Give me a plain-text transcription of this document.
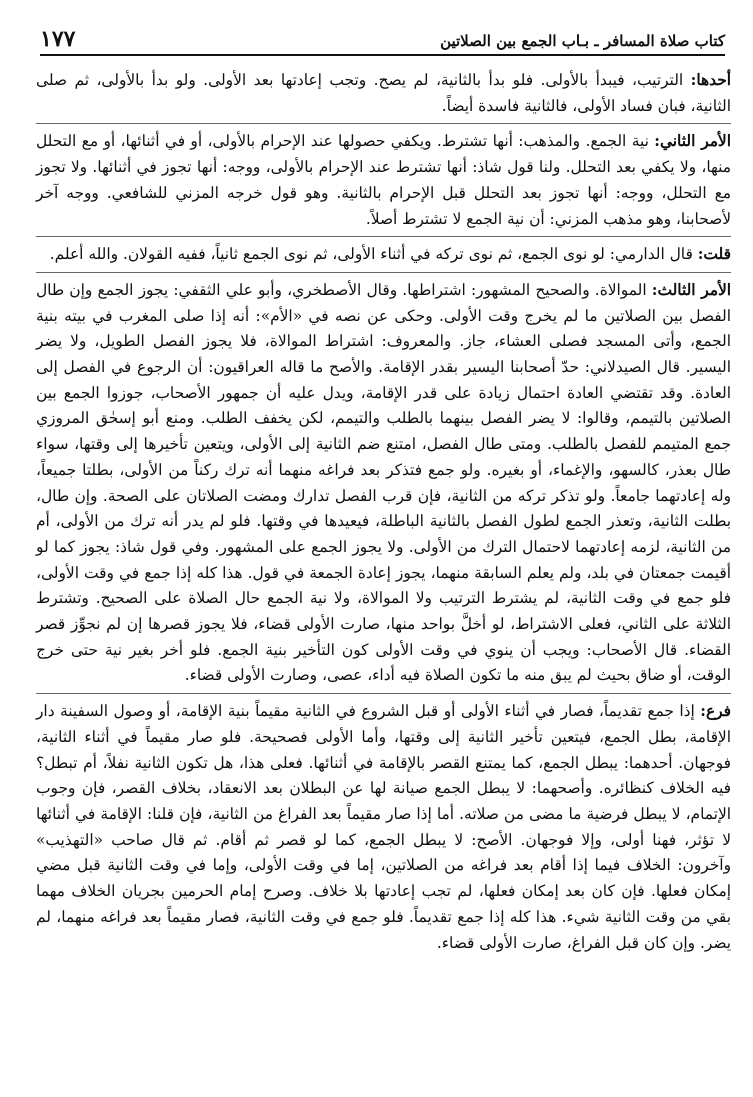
كتاب صلاة المسافر ـ بـاب الجمع بين الصلاتين
١٧٧

أحدها: الترتيب، فيبدأ بالأولى. فلو بدأ بالثانية، لم يصح. وتجب إعادتها بعد الأولى. ولو بدأ بالأولى، ثم صلى الثانية، فبان فساد الأولى، فالثانية فاسدة أيضاً.

الأمر الثاني: نية الجمع. والمذهب: أنها تشترط. ويكفي حصولها عند الإحرام بالأولى، أو في أثنائها، أو مع التحلل منها، ولا يكفي بعد التحلل. ولنا قول شاذ: أنها تشترط عند الإحرام بالأولى، ووجه: أنها تجوز في أثنائها. ولا تجوز مع التحلل، ووجه: أنها تجوز بعد التحلل قبل الإحرام بالثانية. وهو قول خرجه المزني للشافعي. ووجه آخر لأصحابنا، وهو مذهب المزني: أن نية الجمع لا تشترط أصلاً.

قلت: قال الدارمي: لو نوى الجمع، ثم نوى تركه في أثناء الأولى، ثم نوى الجمع ثانياً، ففيه القولان. والله أعلم.

الأمر الثالث: الموالاة. والصحيح المشهور: اشتراطها. وقال الأصطخري، وأبو علي الثقفي: يجوز الجمع وإن طال الفصل بين الصلاتين ما لم يخرج وقت الأولى. وحكى عن نصه في «الأم»: أنه إذا صلى المغرب في بيته بنية الجمع، وأتى المسجد فصلى العشاء، جاز. والمعروف: اشتراط الموالاة، فلا يجوز الفصل الطويل، ولا يضر اليسير. قال الصيدلاني: حدّ أصحابنا اليسير بقدر الإقامة. والأصح ما قاله العراقيون: أن الرجوع في الفصل إلى العادة. وقد تقتضي العادة احتمال زيادة على قدر الإقامة، ويدل عليه أن جمهور الأصحاب، جوزوا الجمع بين الصلاتين بالتيمم، وقالوا: لا يضر الفصل بينهما بالطلب والتيمم، لكن يخفف الطلب. ومنع أبو إسحٰق المروزي جمع المتيمم للفصل بالطلب. ومتى طال الفصل، امتنع ضم الثانية إلى الأولى، ويتعين تأخيرها إلى وقتها، سواء طال بعذر، كالسهو، والإغماء، أو بغيره. ولو جمع فتذكر بعد فراغه منهما أنه ترك ركناً من الأولى، بطلتا جميعاً، وله إعادتهما جامعاً. ولو تذكر تركه من الثانية، فإن قرب الفصل تدارك ومضت الصلاتان على الصحة. وإن طال، بطلت الثانية، وتعذر الجمع لطول الفصل بالثانية الباطلة، فيعيدها في وقتها. فلو لم يدر أنه ترك من الأولى، أم من الثانية، لزمه إعادتهما لاحتمال الترك من الأولى. ولا يجوز الجمع على المشهور. وفي قول شاذ: يجوز كما لو أقيمت جمعتان في بلد، ولم يعلم السابقة منهما، يجوز إعادة الجمعة في قول. هذا كله إذا جمع في وقت الأولى، فلو جمع في وقت الثانية، لم يشترط الترتيب ولا الموالاة، ولا نية الجمع حال الصلاة على الصحيح. وتشترط الثلاثة على الثاني، فعلى الاشتراط، لو أخلَّ بواحد منها، صارت الأولى قضاء، فلا يجوز قصرها إن لم نجوِّز قصر القضاء. قال الأصحاب: ويجب أن ينوي في وقت الأولى كون التأخير بنية الجمع. فلو أخر بغير نية حتى خرج الوقت، أو ضاق بحيث لم يبق منه ما تكون الصلاة فيه أداء، عصى، وصارت الأولى قضاء.

فرع: إذا جمع تقديماً، فصار في أثناء الأولى أو قبل الشروع في الثانية مقيماً بنية الإقامة، أو وصول السفينة دار الإقامة، بطل الجمع، فيتعين تأخير الثانية إلى وقتها، وأما الأولى فصحيحة. فلو صار مقيماً في أثناء الثانية، فوجهان. أحدهما: يبطل الجمع، كما يمتنع القصر بالإقامة في أثنائها. فعلى هذا، هل تكون الثانية نفلاً، أم تبطل؟ فيه الخلاف كنظائره. وأصحهما: لا يبطل الجمع صيانة لها عن البطلان بعد الانعقاد، بخلاف القصر، فإن وجوب الإتمام، لا يبطل فرضية ما مضى من صلاته. أما إذا صار مقيماً بعد الفراغ من الثانية، فإن قلنا: الإقامة في أثنائها لا تؤثر، فهنا أولى، وإلا فوجهان. الأصح: لا يبطل الجمع، كما لو قصر ثم أقام. ثم قال صاحب «التهذيب» وآخرون: الخلاف فيما إذا أقام بعد فراغه من الصلاتين، إما في وقت الأولى، وإما في وقت الثانية قبل مضي إمكان فعلها. فإن كان بعد إمكان فعلها، لم تجب إعادتها بلا خلاف. وصرح إمام الحرمين بجريان الخلاف مهما بقي من وقت الثانية شيء. هذا كله إذا جمع تقديماً. فلو جمع في وقت الثانية، فصار مقيماً بعد فراغه منهما، لم يضر. وإن كان قبل الفراغ، صارت الأولى قضاء.
